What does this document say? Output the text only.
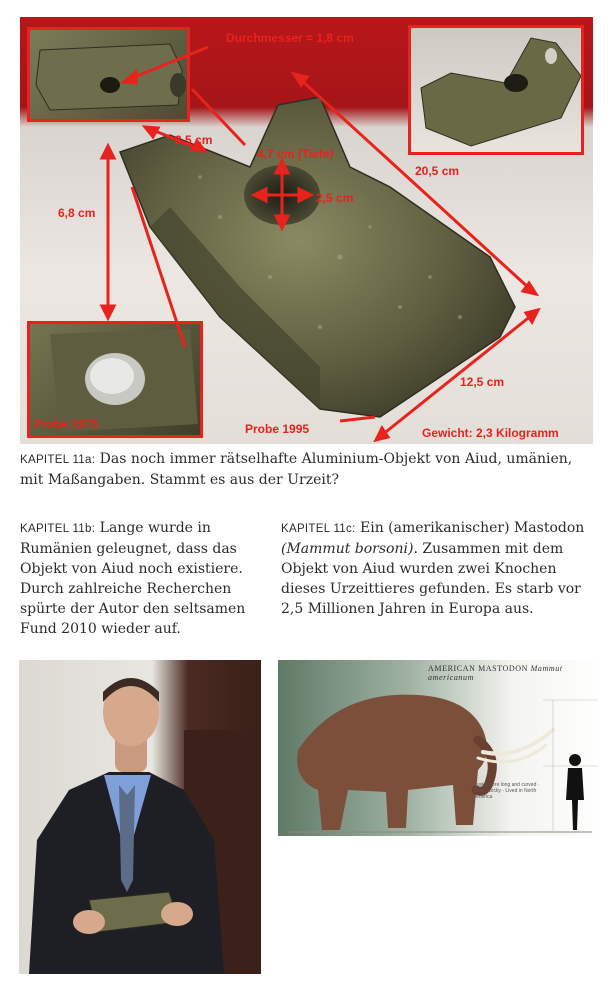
Durchmesser = 1,8 cm
3,5 cm
4,7 cm (Tiefe)
2,5 cm
6,8 cm
20,5 cm
12,5 cm
Probe 1975	Probe 1995	Gewicht: 2,3 Kilogramm
KAPITEL 11a: Das noch immer rätselhafte Aluminium-Objekt von Aiud, umänien, mit Maßangaben. Stammt es aus der Urzeit?
KAPITEL 11b: Lange wurde in Rumänien geleugnet, dass das Objekt von Aiud noch existiere. Durch zahlreiche Recherchen spürte der Autor den seltsamen Fund 2010 wieder auf.
KAPITEL 11c: Ein (amerikanischer) Mastodon (Mammut borsoni). Zusammen mit dem Objekt von Aiud wurden zwei Knochen dieses Urzeittieres gefunden. Es starb vor 2,5 Millionen Jahren in Europa aus.
AMERICAN MASTODON Mammut americanum
Tusks were long and curved · Body stocky · Lived in North America
